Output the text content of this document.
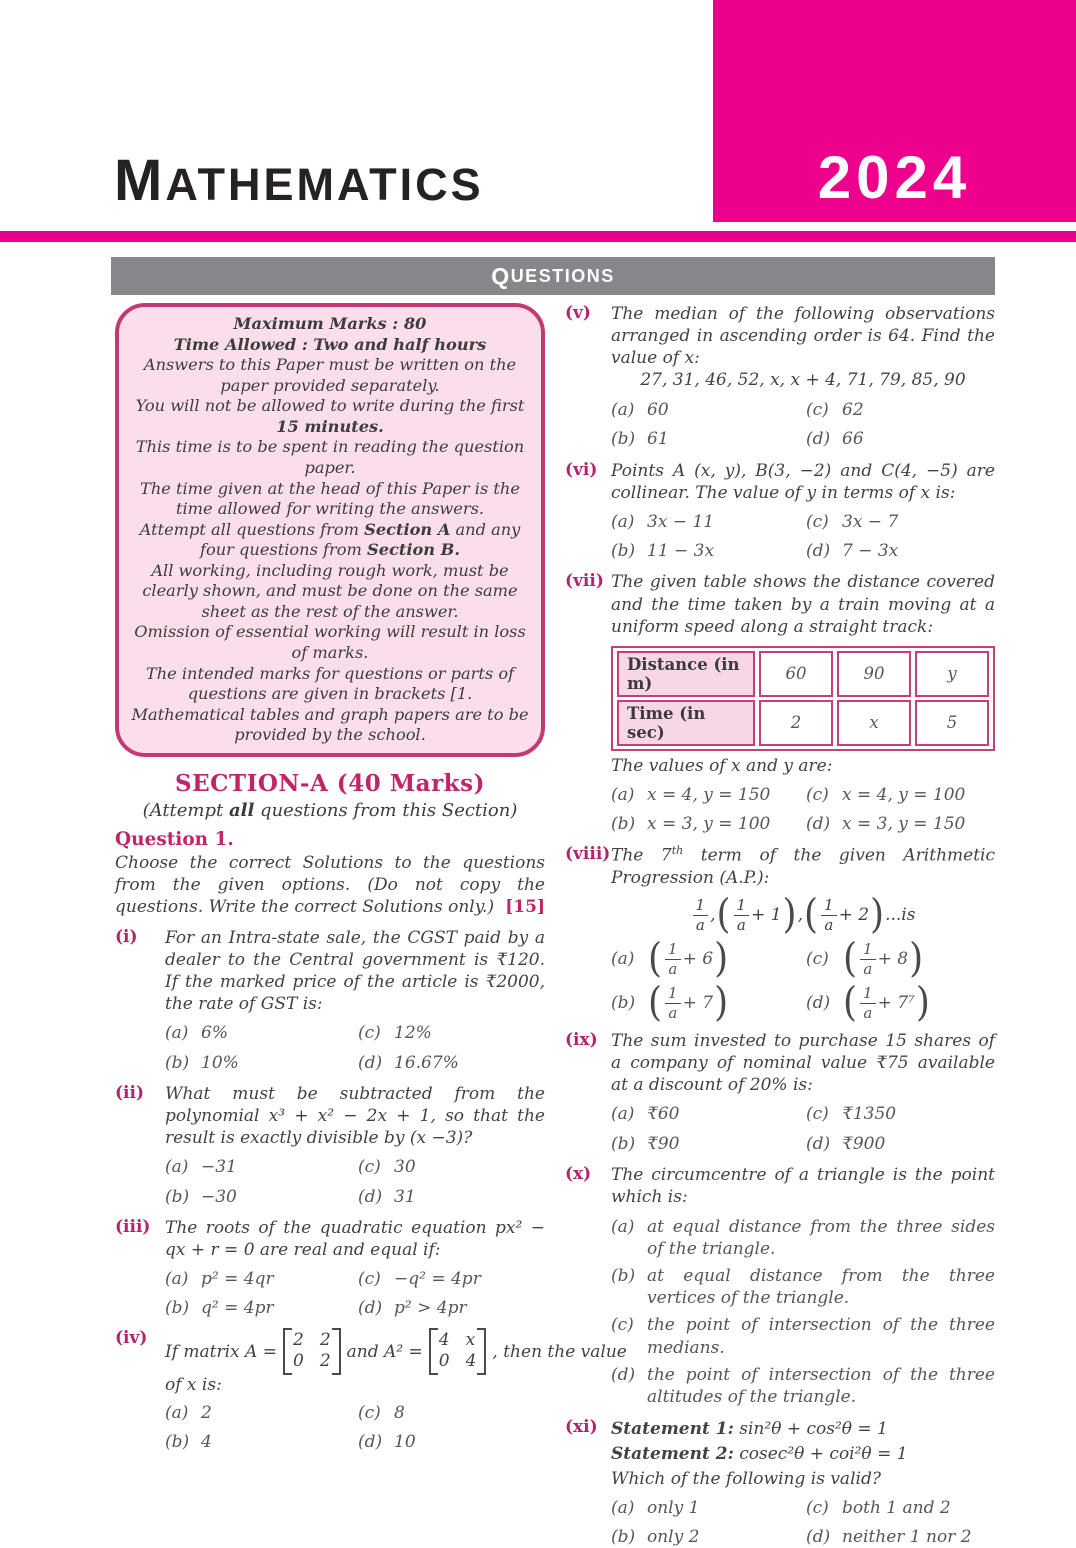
MATHEMATICS	2024
Q UESTIONS

Maximum Marks : 80

Time Allowed : Two and half hours

Answers to this Paper must be written on the paper provided separately.

You will not be allowed to write during the first
15 minutes.

This time is to be spent in reading the question paper.

The time given at the head of this Paper is the time allowed for writing the answers.

Attempt all questions from Section A and any four questions from Section B.

All working, including rough work, must be clearly shown, and must be done on the same sheet as the rest of the answer.

Omission of essential working will result in loss of marks.

The intended marks for questions or parts of questions are given in brackets [1.

Mathematical tables and graph papers are to be provided by the school.

SECTION-A (40 Marks)

(Attempt all questions from this Section)

Question 1.

Choose the correct Solutions to the questions from the given options. (Do not copy the questions. Write the correct Solutions only.) [15]

(i)	For an Intra-state sale, the CGST paid by a dealer to the Central government is ₹120. If the marked price of the article is ₹2000, the rate of GST is:

(a) 6%	(c) 12%
(b) 10%	(d) 16.67%
(ii)	What must be subtracted from the polynomial x³ + x² − 2x + 1, so that the result is exactly divisible by (x −3)?

(a) −31	(c) 30
(b) −30	(d) 31
(iii) The roots of the quadratic equation px² − qx + r = 0 are real and equal if:

(a) p² = 4qr	(c) −q² = 4pr
(b) q² = 4pr	(d) p² > 4pr
(iv)
If matrix A =
2 2
0 2 and A² =
4 x
0 4 , then the value

of x is:

(a) 2	(c) 8
(b) 4	(d) 10
(v)	The median of the following observations arranged in ascending order is 64. Find the value of x:

27, 31, 46, 52, x, x + 4, 71, 79, 85, 90

(a) 60	(c) 62
(b) 61	(d) 66
(vi) Points A (x, y), B(3, −2) and C(4, −5) are collinear. The value of y in terms of x is:

(a) 3x − 11	(c) 3x − 7
(b) 11 − 3x	(d) 7 − 3x
(vii) The given table shows the distance covered and the time taken by a train moving at a uniform speed along a straight track:

Distance (in m)	60	90	y
Time (in sec)	2	x	5

The values of x and y are:

(a) x = 4, y = 150 (c) x = 4, y = 100
(b) x = 3, y = 100 (d) x = 3, y = 150
(viii) The 7th term of the given Arithmetic Progression (A.P.):

$\frac{1}{a}$ , ( $\frac{1}{a} + 1$ ) , ( $\frac{1}{a} + 2$ ) ...is
(a) ( $\frac{1}{a} + 6$ )	(c) ( $\frac{1}{a} + 8$ )
(b) ( $\frac{1}{a} + 7$ )	(d) ( $\frac{1}{a} + 7^7$ )
(ix) The sum invested to purchase 15 shares of a company of nominal value ₹75 available at a discount of 20% is:

(a) ₹60	(c) ₹1350
(b) ₹90	(d) ₹900
(x)	The circumcentre of a triangle is the point which is:

(a) at equal distance from the three sides of the triangle.
(b) at equal distance from the three vertices of the triangle.
(c) the point of intersection of the three medians.
(d) the point of intersection of the three altitudes of the triangle.
(xi) Statement 1: sin²θ + cos²θ = 1

Statement 2: cosec²θ + coi²θ = 1

Which of the following is valid?

(a) only 1	(c) both 1 and 2
(b) only 2	(d) neither 1 nor 2
